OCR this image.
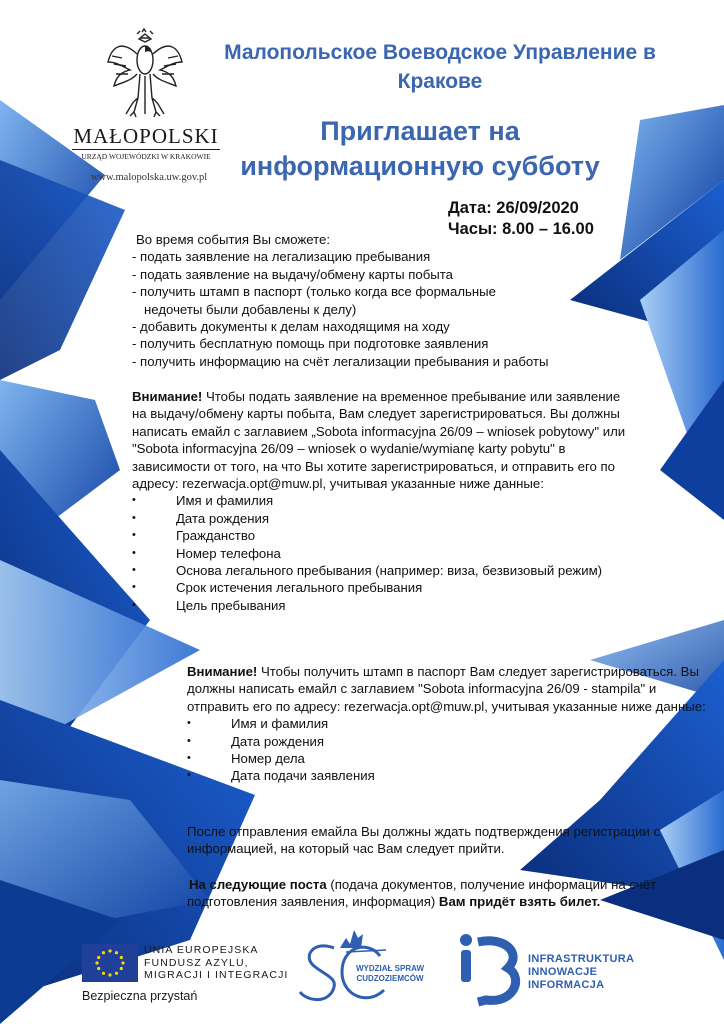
MAŁOPOLSKI
URZĄD WOJEWÓDZKI W KRAKOWIE
www.malopolska.uw.gov.pl
Малопольское Воеводское Управление в Кракове
Приглашает на информационную субботу
Дата: 26/09/2020
Часы: 8.00 – 16.00
Во время события Вы сможете:
- подать заявление на легализацию пребывания
- подать заявление на выдачу/обмену карты побыта
- получить штамп в паспорт (только когда все формальные
недочеты были добавлены к делу)
- добавить документы к делам находящимя на ходу
- получить бесплатную помощь при подготовке заявления
- получить информацию на счёт легализации пребывания и работы
Внимание! Чтобы подать заявление на временное пребывание или заявление на выдачу/обмену карты побыта, Вам следует зарегистрироваться. Вы должны написать емайл с заглавием „Sobota informacyjna 26/09 – wniosek pobytowy" или "Sobota informacyjna 26/09 – wniosek o wydanie/wymianę karty pobytu" в зависимости от того, на что Вы хотите зарегистрироваться, и отправить его по адресу: rezerwacja.opt@muw.pl, учитывая указанные ниже данные:
• Имя и фамилия
• Дата рождения
• Гражданство
• Номер телефона
• Основа легального пребывания (например: виза, безвизовый режим)
• Срок истечения легального пребывания
• Цель пребывания
Внимание! Чтобы получить штамп в паспорт Вам следует зарегистрироваться. Вы должны написать емайл с заглавием "Sobota informacyjna 26/09 - stampila" и отправить его по адресу: rezerwacja.opt@muw.pl, учитывая указанные ниже данные:
• Имя и фамилия
• Дата рождения
• Номер дела
• Дата подачи заявления
После отправления емайла Вы должны ждать подтверждения регистрации с информацией, на который час Вам следует прийти.
На следующие поста (подача документов, получение информации на счёт подготовления заявления, информация) Вам придёт взять билет.
UNIA EUROPEJSKA
FUNDUSZ AZYLU,
MIGRACJI I INTEGRACJI
Bezpieczna przystań
WYDZIAŁ SPRAW
CUDZOZIEMCÓW
INFRASTRUKTURA
INNOWACJE
INFORMACJA
